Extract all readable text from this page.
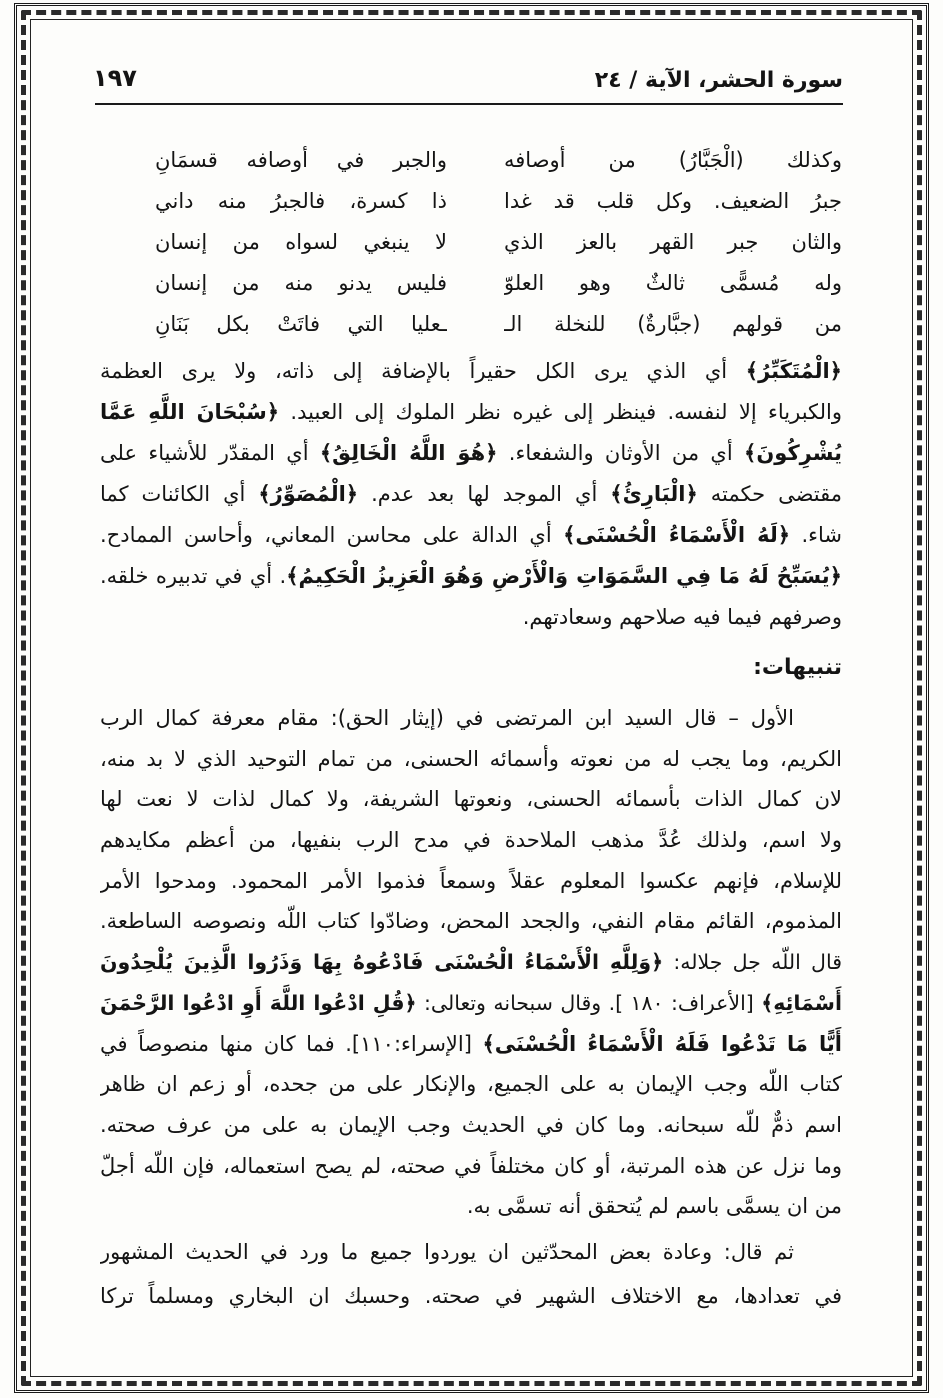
سورة الحشر، الآية / ٢٤
١٩٧
وكذلك (الْجَبَّارُ) من أوصافه
والجبر في أوصافه قسمَانِ
جبرُ الضعيف. وكل قلب قد غدا
ذا كسرة، فالجبرُ منه داني
والثان جبر القهر بالعز الذي
لا ينبغي لسواه من إنسان
وله مُسمًّى ثالثٌ وهو العلوّ
فليس يدنو منه من إنسان
من قولهم (جبَّارةٌ) للنخلة الـ
ـعليا التي فاتَتْ بكل بَنَانِ
﴿الْمُتَكَبِّرُ﴾ أي الذي يرى الكل حقيراً بالإضافة إلى ذاته، ولا يرى العظمة
والكبرياء إلا لنفسه. فينظر إلى غيره نظر الملوك إلى العبيد. ﴿سُبْحَانَ اللَّهِ عَمَّا
يُشْرِكُونَ﴾ أي من الأوثان والشفعاء. ﴿هُوَ اللَّهُ الْخَالِقُ﴾ أي المقدّر للأشياء على
مقتضى حكمته ﴿الْبَارِئُ﴾ أي الموجد لها بعد عدم. ﴿الْمُصَوِّرُ﴾ أي الكائنات كما
شاء. ﴿لَهُ الْأَسْمَاءُ الْحُسْنَى﴾ أي الدالة على محاسن المعاني، وأحاسن الممادح.
﴿يُسَبِّحُ لَهُ مَا فِي السَّمَوَاتِ وَالْأَرْضِ وَهُوَ الْعَزِيزُ الْحَكِيمُ﴾. أي في تدبيره خلقه.
وصرفهم فيما فيه صلاحهم وسعادتهم.
تنبيهات:
الأول – قال السيد ابن المرتضى في (إيثار الحق): مقام معرفة كمال الرب
الكريم، وما يجب له من نعوته وأسمائه الحسنى، من تمام التوحيد الذي لا بد منه،
لان كمال الذات بأسمائه الحسنى، ونعوتها الشريفة، ولا كمال لذات لا نعت لها
ولا اسم، ولذلك عُدَّ مذهب الملاحدة في مدح الرب بنفيها، من أعظم مكايدهم
للإسلام، فإنهم عكسوا المعلوم عقلاً وسمعاً فذموا الأمر المحمود. ومدحوا الأمر
المذموم، القائم مقام النفي، والجحد المحض، وضادّوا كتاب اللّه ونصوصه الساطعة.
قال اللّه جل جلاله: ﴿وَلِلَّهِ الْأَسْمَاءُ الْحُسْنَى فَادْعُوهُ بِهَا وَذَرُوا الَّذِينَ يُلْحِدُونَ
أَسْمَائِهِ﴾ [الأعراف: ١٨٠ ]. وقال سبحانه وتعالى: ﴿قُلِ ادْعُوا اللَّهَ أَوِ ادْعُوا الرَّحْمَنَ
أَيًّا مَا تَدْعُوا فَلَهُ الْأَسْمَاءُ الْحُسْنَى﴾ [الإسراء:١١٠]. فما كان منها منصوصاً في
كتاب اللّه وجب الإيمان به على الجميع، والإنكار على من جحده، أو زعم ان ظاهر
اسم ذمٌّ للّه سبحانه. وما كان في الحديث وجب الإيمان به على من عرف صحته.
وما نزل عن هذه المرتبة، أو كان مختلفاً في صحته، لم يصح استعماله، فإن اللّه أجلّ
من ان يسمَّى باسم لم يُتحقق أنه تسمَّى به.
ثم قال: وعادة بعض المحدّثين ان يوردوا جميع ما ورد في الحديث المشهور
في تعدادها، مع الاختلاف الشهير في صحته. وحسبك ان البخاري ومسلماً تركا
